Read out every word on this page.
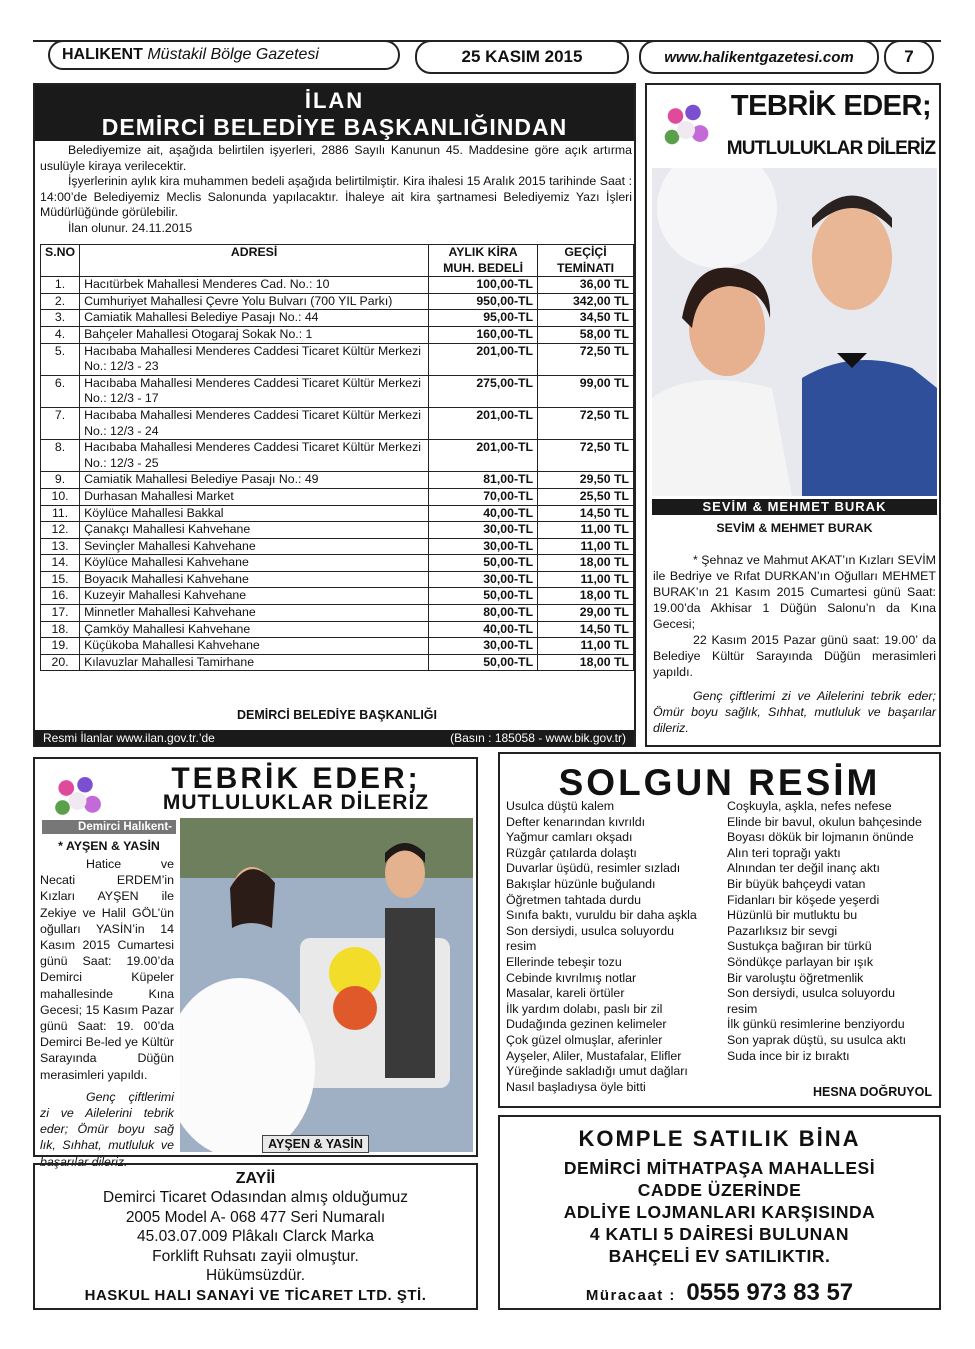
HALIKENT
Müstakil Bölge Gazetesi	25 KASIM 2015	www.halikentgazetesi.com	7
İLAN
DEMİRCİ BELEDİYE BAŞKANLIĞINDAN

Belediyemize ait, aşağıda belirtilen işyerleri, 2886 Sayılı Kanunun 45. Maddesine göre açık artırma usulüyle kiraya verilecektir.

İşyerlerinin aylık kira muhammen bedeli aşağıda belirtilmiştir. Kira ihalesi 15 Aralık 2015 tarihinde Saat : 14:00’de Belediyemiz Meclis Salonunda yapılacaktır. İhaleye ait kira şartnamesi Belediyemiz Yazı İşleri Müdürlüğünde görülebilir.

İlan olunur. 24.11.2015

S.NO	ADRESİ	AYLIK KİRA MUH. BEDELİ	GEÇİÇİ TEMİNATI
1.	Hacıtürbek Mahallesi Menderes Cad. No.: 10	100,00-TL	36,00 TL
2.	Cumhuriyet Mahallesi Çevre Yolu Bulvarı (700 YIL Parkı)	950,00-TL	342,00 TL
3.	Camiatik Mahallesi Belediye Pasajı No.: 44	95,00-TL	34,50 TL
4.	Bahçeler Mahallesi Otogaraj Sokak No.: 1	160,00-TL	58,00 TL
5.	Hacıbaba Mahallesi Menderes Caddesi Ticaret Kültür Merkezi No.: 12/3 - 23	201,00-TL	72,50 TL
6.	Hacıbaba Mahallesi Menderes Caddesi Ticaret Kültür Merkezi No.: 12/3 - 17	275,00-TL	99,00 TL
7.	Hacıbaba Mahallesi Menderes Caddesi Ticaret Kültür Merkezi No.: 12/3 - 24	201,00-TL	72,50 TL
8.	Hacıbaba Mahallesi Menderes Caddesi Ticaret Kültür Merkezi No.: 12/3 - 25	201,00-TL	72,50 TL
9.	Camiatik Mahallesi Belediye Pasajı No.: 49	81,00-TL	29,50 TL
10.	Durhasan Mahallesi Market	70,00-TL	25,50 TL
11.	Köylüce Mahallesi Bakkal	40,00-TL	14,50 TL
12.	Çanakçı Mahallesi Kahvehane	30,00-TL	11,00 TL
13.	Sevinçler Mahallesi Kahvehane	30,00-TL	11,00 TL
14.	Köylüce Mahallesi Kahvehane	50,00-TL	18,00 TL
15.	Boyacık Mahallesi Kahvehane	30,00-TL	11,00 TL
16.	Kuzeyir Mahallesi Kahvehane	50,00-TL	18,00 TL
17.	Minnetler Mahallesi Kahvehane	80,00-TL	29,00 TL
18.	Çamköy Mahallesi Kahvehane	40,00-TL	14,50 TL
19.	Küçükoba Mahallesi Kahvehane	30,00-TL	11,00 TL
20.	Kılavuzlar Mahallesi Tamirhane	50,00-TL	18,00 TL
DEMİRCİ BELEDİYE BAŞKANLIĞI
Resmi İlanlar www.ilan.gov.tr.’de	(Basın : 185058 - www.bik.gov.tr)
TEBRİK EDER;
MUTLULUKLAR DİLERİZ
SEVİM & MEHMET BURAK
SEVİM & MEHMET BURAK

* Şehnaz ve Mahmut AKAT’ın Kızları SEVİM ile Bedriye ve Rıfat DURKAN’ın Oğulları MEHMET BURAK’ın 21 Kasım 2015 Cumartesi günü Saat: 19.00’da Akhisar 1 Düğün Salonu’n da Kına Gecesi;

22 Kasım 2015 Pazar günü saat: 19.00’ da Belediye Kültür Sarayında Düğün merasimleri yapıldı.

Genç çiftlerimi zi ve Ailelerini tebrik eder; Ömür boyu sağlık, Sıhhat, mutluluk ve başarılar dileriz.

TEBRİK EDER;
MUTLULUKLAR DİLERİZ
Demirci Halıkent-
* AYŞEN & YASİN

Hatice ve Necati ERDEM’in Kızları AYŞEN ile Zekiye ve Halil GÖL’ün oğulları YASİN’in 14 Kasım 2015 Cumartesi günü Saat: 19.00’da Demirci Küpeler mahallesinde Kına Gecesi; 15 Kasım Pazar günü Saat: 19. 00’da Demirci Be-led ye Kültür Sarayında Düğün merasimleri yapıldı.

Genç çiftlerimi zi ve Ailelerini tebrik eder; Ömür boyu sağ lık, Sıhhat, mutluluk ve başarılar dileriz.

AYŞEN & YASİN
SOLGUN RESİM
Usulca düştü kalem
Defter kenarından kıvrıldı
Yağmur camları okşadı
Rüzgâr çatılarda dolaştı
Duvarlar üşüdü, resimler sızladı
Bakışlar hüzünle buğulandı
Öğretmen tahtada durdu
Sınıfa baktı, vuruldu bir daha aşkla
Son dersiydi, usulca soluyordu
resim
Ellerinde tebeşir tozu
Cebinde kıvrılmış notlar
Masalar, kareli örtüler
İlk yardım dolabı, paslı bir zil
Dudağında gezinen kelimeler
Çok güzel olmuşlar, aferinler
Ayşeler, Aliler, Mustafalar, Elifler
Yüreğinde sakladığı umut dağları
Nasıl başladıysa öyle bitti
Coşkuyla, aşkla, nefes nefese
Elinde bir bavul, okulun bahçesinde
Boyası dökük bir lojmanın önünde
Alın teri toprağı yaktı
Alnından ter değil inanç aktı
Bir büyük bahçeydi vatan
Fidanları bir köşede yeşerdi
Hüzünlü bir mutluktu bu
Pazarlıksız bir sevgi
Sustukça bağıran bir türkü
Söndükçe parlayan bir ışık
Bir varoluştu öğretmenlik
Son dersiydi, usulca soluyordu
resim
İlk günkü resimlerine benziyordu
Son yaprak düştü, su usulca aktı
Suda ince bir iz bıraktı
HESNA DOĞRUYOL
ZAYİİ
Demirci Ticaret Odasından almış olduğumuz
2005 Model A- 068 477 Seri Numaralı
45.03.07.009 Plâkalı Clarck Marka
Forklift Ruhsatı zayii olmuştur.
Hükümsüzdür.
HASKUL HALI SANAYİ VE TİCARET LTD. ŞTİ.
KOMPLE SATILIK BİNA
DEMİRCİ MİTHATPAŞA MAHALLESİ
CADDE ÜZERİNDE
ADLİYE LOJMANLARI KARŞISINDA
4 KATLI 5 DAİRESİ BULUNAN
BAHÇELİ EV SATILIKTIR.
Müracaat : 0555 973 83 57
